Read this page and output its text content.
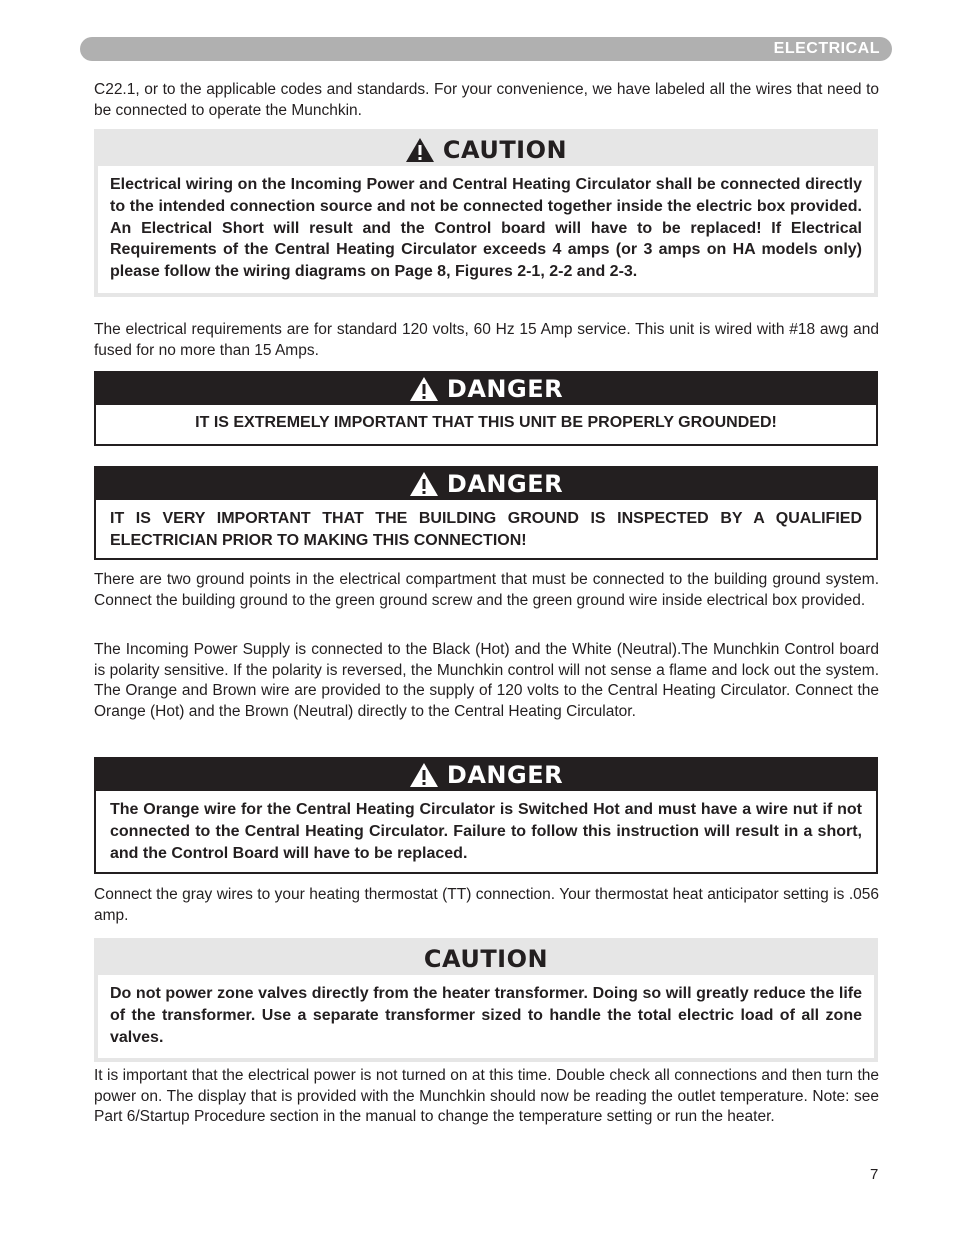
ELECTRICAL

C22.1, or to the applicable codes and standards. For your convenience, we have labeled all the wires that need to be connected to operate the Munchkin.

CAUTION

Electrical wiring on the Incoming Power and Central Heating Circulator shall be connected directly to the intended connection source and not be connected together inside the electric box provided. An Electrical Short will result and the Control board will have to be replaced! If Electrical Requirements of the Central Heating Circulator exceeds 4 amps (or 3 amps on HA models only) please follow the wiring diagrams on Page 8, Figures 2-1, 2-2 and 2-3.

The electrical requirements are for standard 120 volts, 60 Hz 15 Amp service. This unit is wired with #18 awg and fused for no more than 15 Amps.

DANGER

IT IS EXTREMELY IMPORTANT THAT THIS UNIT BE PROPERLY GROUNDED!

DANGER

IT IS VERY IMPORTANT THAT THE BUILDING GROUND IS INSPECTED BY A QUALIFIED ELECTRICIAN PRIOR TO MAKING THIS CONNECTION!

There are two ground points in the electrical compartment that must be connected to the building ground system. Connect the building ground to the green ground screw and the green ground wire inside electrical box provided.

The Incoming Power Supply is connected to the Black (Hot) and the White (Neutral).The Munchkin Control board is polarity sensitive. If the polarity is reversed, the Munchkin control will not sense a flame and lock out the system. The Orange and Brown wire are provided to the supply of 120 volts to the Central Heating Circulator. Connect the Orange (Hot) and the Brown (Neutral) directly to the Central Heating Circulator.

DANGER

The Orange wire for the Central Heating Circulator is Switched Hot and must have a wire nut if not connected to the Central Heating Circulator. Failure to follow this instruction will result in a short, and the Control Board will have to be replaced.

Connect the gray wires to your heating thermostat (TT) connection. Your thermostat heat anticipator setting is .056 amp.

CAUTION

Do not power zone valves directly from the heater transformer. Doing so will greatly reduce the life of the transformer. Use a separate transformer sized to handle the total electric load of all zone valves.

It is important that the electrical power is not turned on at this time. Double check all connections and then turn the power on. The display that is provided with the Munchkin should now be reading the outlet temperature. Note: see Part 6/Startup Procedure section in the manual to change the temperature setting or run the heater.

7
